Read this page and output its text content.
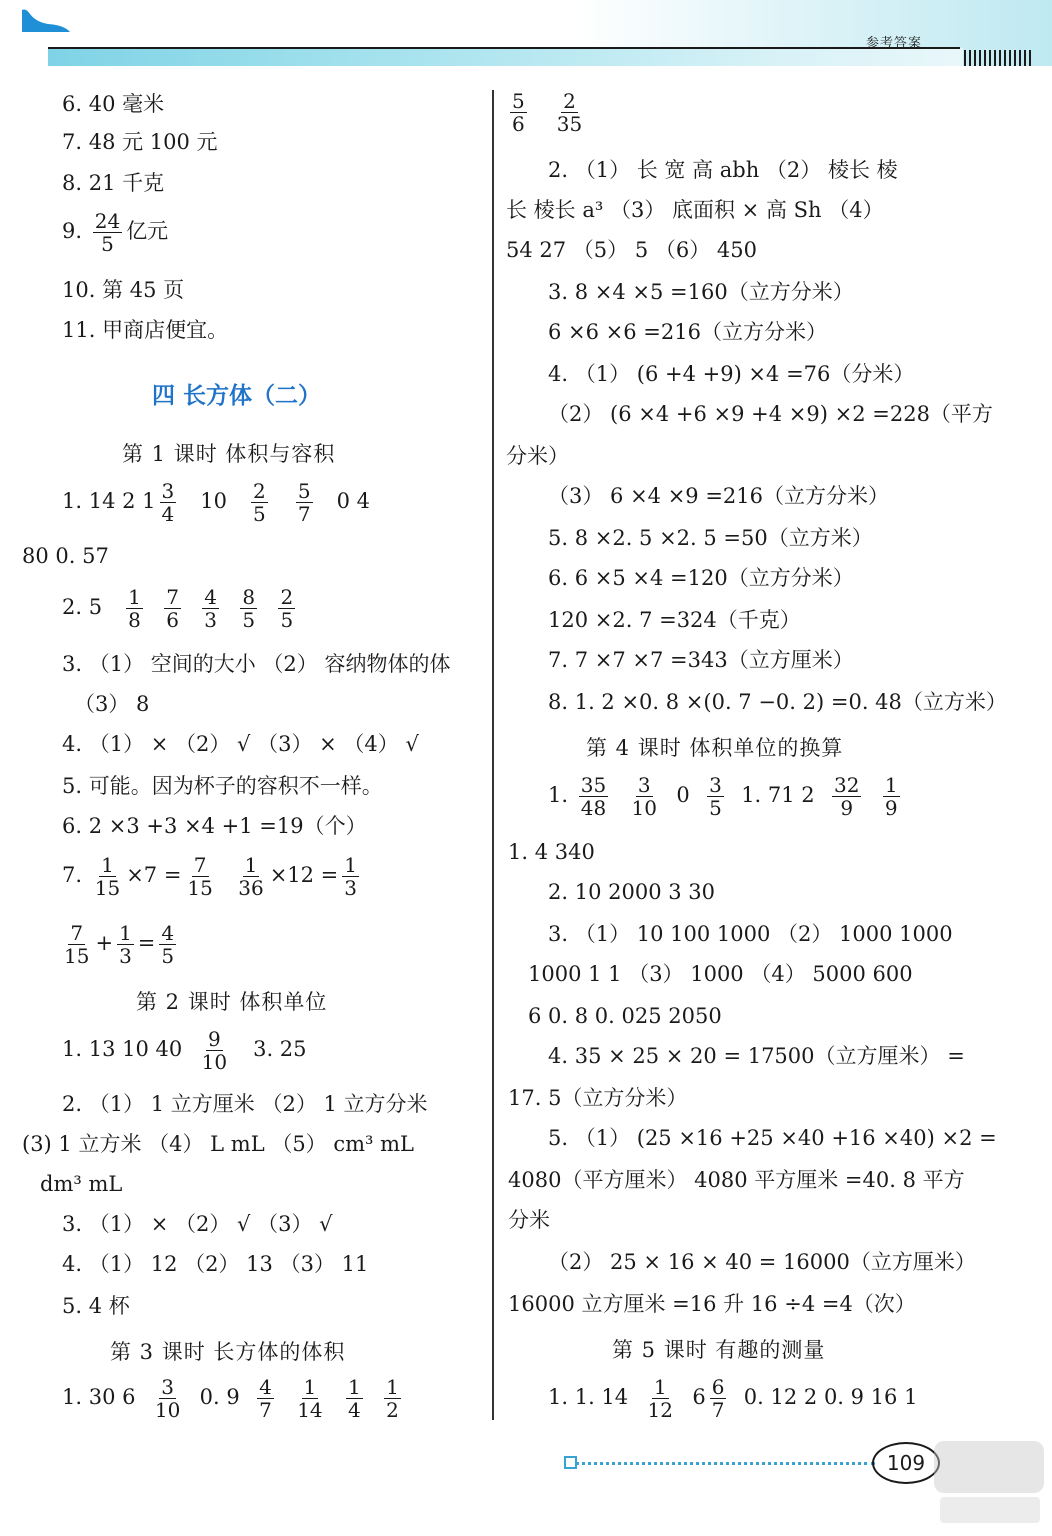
参考答案
6. 40 毫米
7. 48 元 100 元
8. 21 千克
9. $\frac{24}{5}$ 亿元
10. 第 45 页
11. 甲商店便宜。
四 长方体（二）
第 1 课时 体积与容积
1. 14 2 $1 \frac{3}{4} 10 \frac{2}{5}$
$\frac{5}{7} 0$ 4
80 0. 57
2. $5 \frac{1}{8}$
$\frac{7}{6}$
$\frac{4}{3}$
$\frac{8}{5}$
$\frac{2}{5}$
3. （1） 空间的大小 （2） 容纳物体的体
（3） 8
4. （1） × （2） √ （3） × （4） √
5. 可能。因为杯子的容积不一样。
6. 2 ×3 +3 ×4 +1 =19（个）
7. $\frac{1}{15} \times 7 = \frac{7}{15}$
$\frac{1}{36} \times 12 = \frac{1}{3}$
$\frac{7}{15} + \frac{1}{3} = \frac{4}{5}$
第 2 课时 体积单位
1. 13 10 $40 \frac{9}{10} 3$. 25
2. （1） 1 立方厘米 （2） 1 立方分米
(3) 1 立方米 （4） L mL （5） cm³ mL
dm³ mL
3. （1） × （2） √ （3） √
4. （1） 12 （2） 13 （3） 11
5. 4 杯
第 3 课时 长方体的体积
1. 30 $6 \frac{3}{10} 0$. $9 \frac{4}{7}$
$\frac{1}{14}$
$\frac{1}{4}$
$\frac{1}{2}$
$\frac{5}{6}$
$\frac{2}{35}$
2. （1） 长 宽 高 abh （2） 棱长 棱
长 棱长 a³ （3） 底面积 × 高 Sh （4）
54 27 （5） 5 （6） 450
3. 8 ×4 ×5 =160（立方分米）
6 ×6 ×6 =216（立方分米）
4. （1） (6 +4 +9) ×4 =76（分米）
（2） (6 ×4 +6 ×9 +4 ×9) ×2 =228（平方
分米）
（3） 6 ×4 ×9 =216（立方分米）
5. 8 ×2. 5 ×2. 5 =50（立方米）
6. 6 ×5 ×4 =120（立方分米）
120 ×2. 7 =324（千克）
7. 7 ×7 ×7 =343（立方厘米）
8. 1. 2 ×0. 8 ×(0. 7 −0. 2) =0. 48（立方米）
第 4 课时 体积单位的换算
1. $\frac{35}{48}$
$\frac{3}{10} 0 \frac{3}{5} 1$. 71 $2 \frac{32}{9}$
$\frac{1}{9}$
1. 4 340
2. 10 2000 3 30
3. （1） 10 100 1000 （2） 1000 1000
1000 1 1 （3） 1000 （4） 5000 600
6 0. 8 0. 025 2050
4. 35 × 25 × 20 = 17500（立方厘米） =
17. 5（立方分米）
5. （1） (25 ×16 +25 ×40 +16 ×40) ×2 =
4080（平方厘米） 4080 平方厘米 =40. 8 平方
分米
（2） 25 × 16 × 40 = 16000（立方厘米）
16000 立方厘米 =16 升 16 ÷4 =4（次）
第 5 课时 有趣的测量
1. 1. $14 \frac{1}{12} 6 \frac{6}{7} 0$. 12 2 0. 9 16 1
109
